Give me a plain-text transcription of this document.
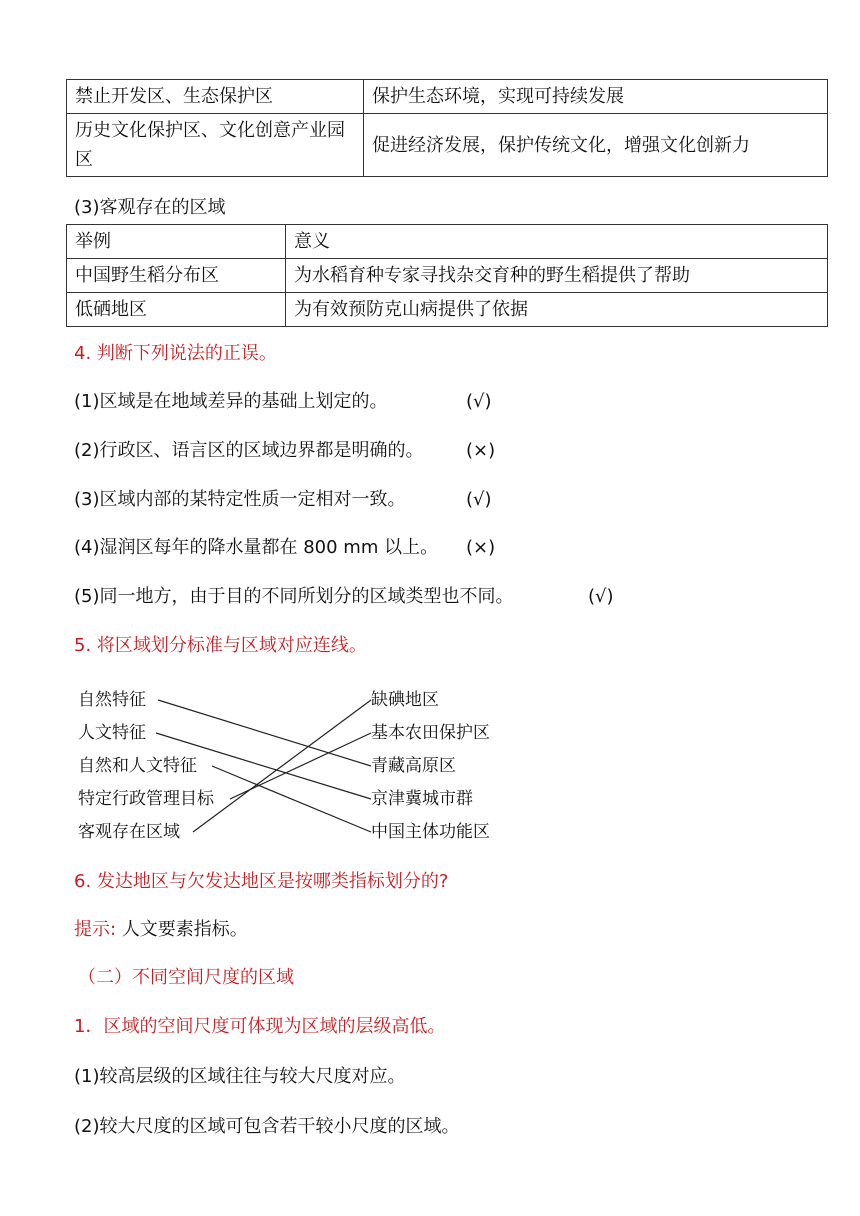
禁止开发区、生态保护区	保护生态环境，实现可持续发展
历史文化保护区、文化创意产业园区	促进经济发展，保护传统文化，增强文化创新力
(3)客观存在的区域
举例	意义
中国野生稻分布区	为水稻育种专家寻找杂交育种的野生稻提供了帮助
低硒地区	为有效预防克山病提供了依据
4. 判断下列说法的正误。
(1)区域是在地域差异的基础上划定的。	(√)
(2)行政区、语言区的区域边界都是明确的。 (×)
(3)区域内部的某特定性质一定相对一致。	(√)
(4)湿润区每年的降水量都在 800 mm 以上。 (×)
(5)同一地方，由于目的不同所划分的区域类型也不同。	(√)
5. 将区域划分标准与区域对应连线。
自然特征
人文特征
自然和人文特征
特定行政管理目标
客观存在区域
缺碘地区
基本农田保护区
青藏高原区
京津冀城市群
中国主体功能区
6. 发达地区与欠发达地区是按哪类指标划分的?
提示: 人文要素指标。
（二）不同空间尺度的区域
1．区域的空间尺度可体现为区域的层级高低。
(1)较高层级的区域往往与较大尺度对应。
(2)较大尺度的区域可包含若干较小尺度的区域。
